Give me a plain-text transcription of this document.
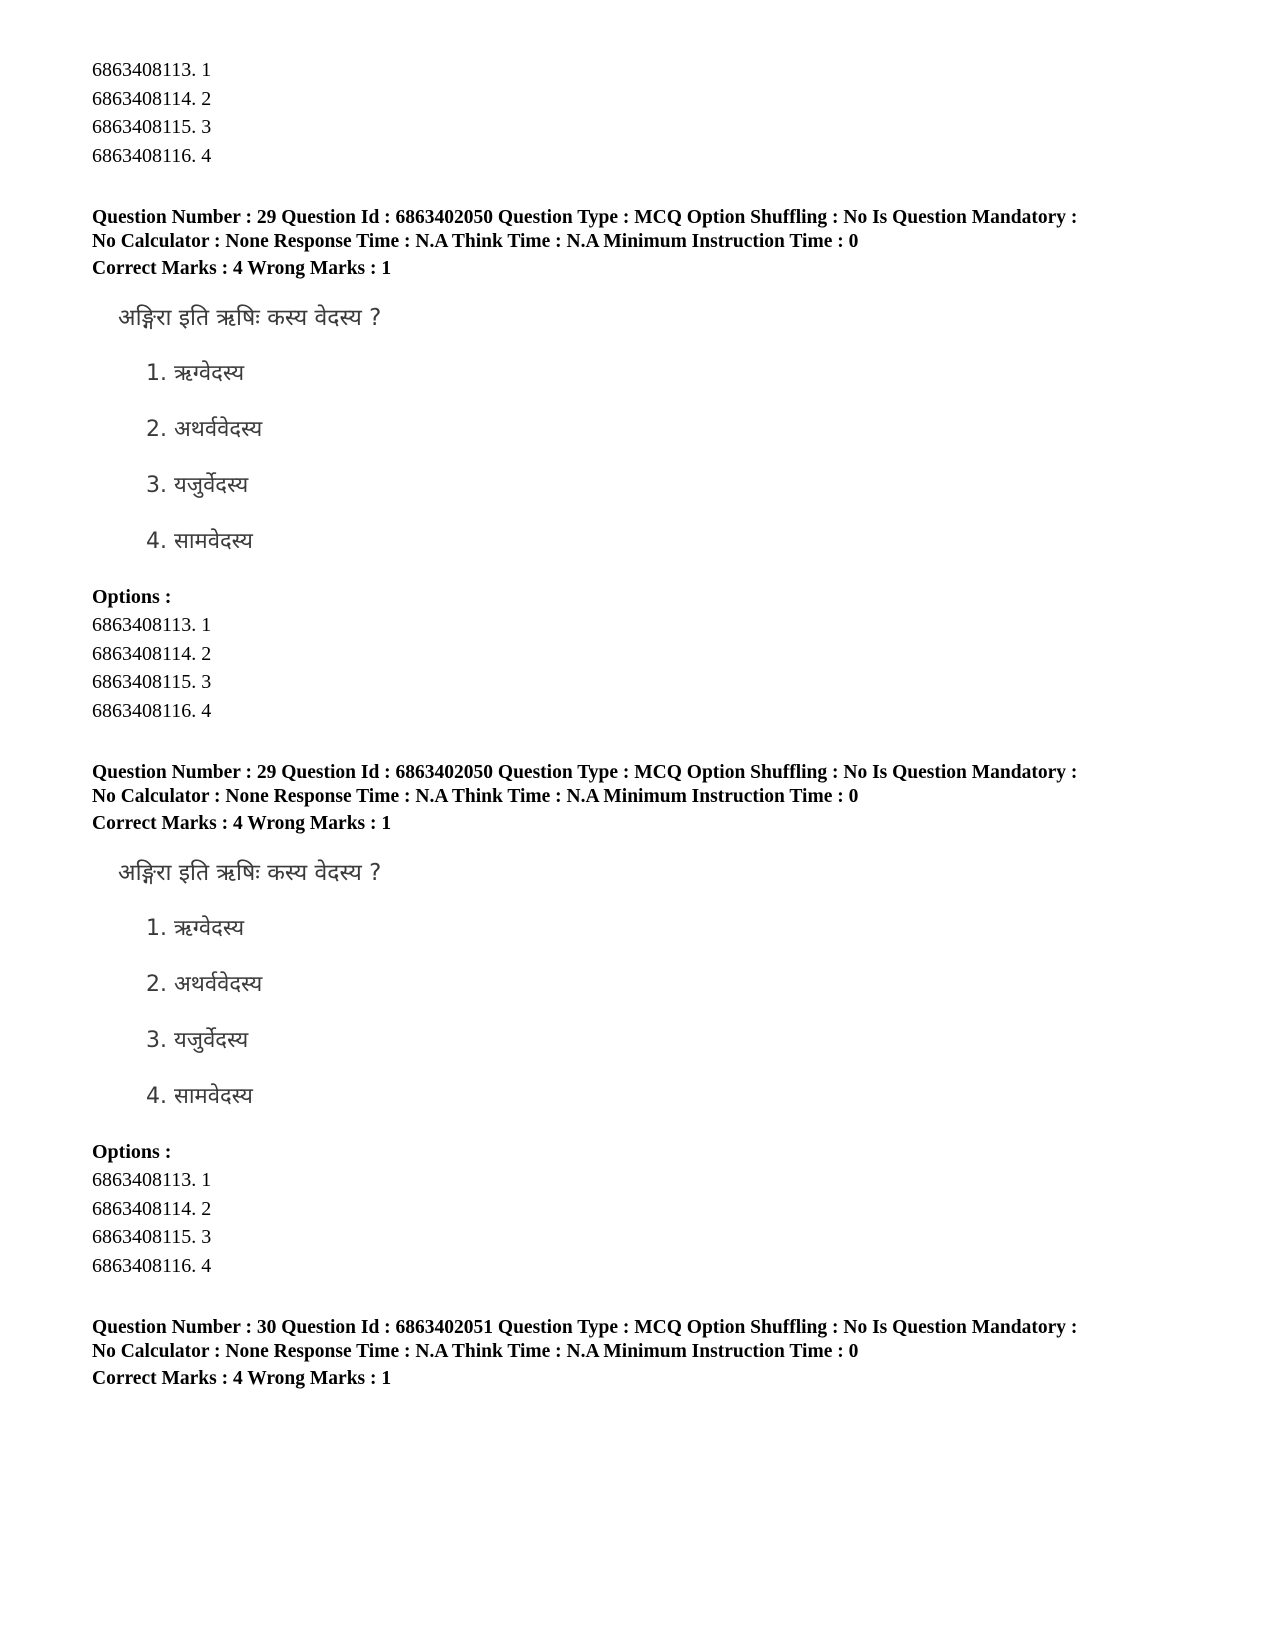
6863408113. 1
6863408114. 2
6863408115. 3
6863408116. 4
Question Number : 29 Question Id : 6863402050 Question Type : MCQ Option Shuffling : No Is Question Mandatory :
No Calculator : None Response Time : N.A Think Time : N.A Minimum Instruction Time : 0
Correct Marks : 4 Wrong Marks : 1
अङ्गिरा इति ऋषिः कस्य वेदस्य ?
1. ऋग्वेदस्य
2. अथर्ववेदस्य
3. यजुर्वेदस्य
4. सामवेदस्य
Options :
6863408113. 1
6863408114. 2
6863408115. 3
6863408116. 4
Question Number : 29 Question Id : 6863402050 Question Type : MCQ Option Shuffling : No Is Question Mandatory :
No Calculator : None Response Time : N.A Think Time : N.A Minimum Instruction Time : 0
Correct Marks : 4 Wrong Marks : 1
अङ्गिरा इति ऋषिः कस्य वेदस्य ?
1. ऋग्वेदस्य
2. अथर्ववेदस्य
3. यजुर्वेदस्य
4. सामवेदस्य
Options :
6863408113. 1
6863408114. 2
6863408115. 3
6863408116. 4
Question Number : 30 Question Id : 6863402051 Question Type : MCQ Option Shuffling : No Is Question Mandatory :
No Calculator : None Response Time : N.A Think Time : N.A Minimum Instruction Time : 0
Correct Marks : 4 Wrong Marks : 1
